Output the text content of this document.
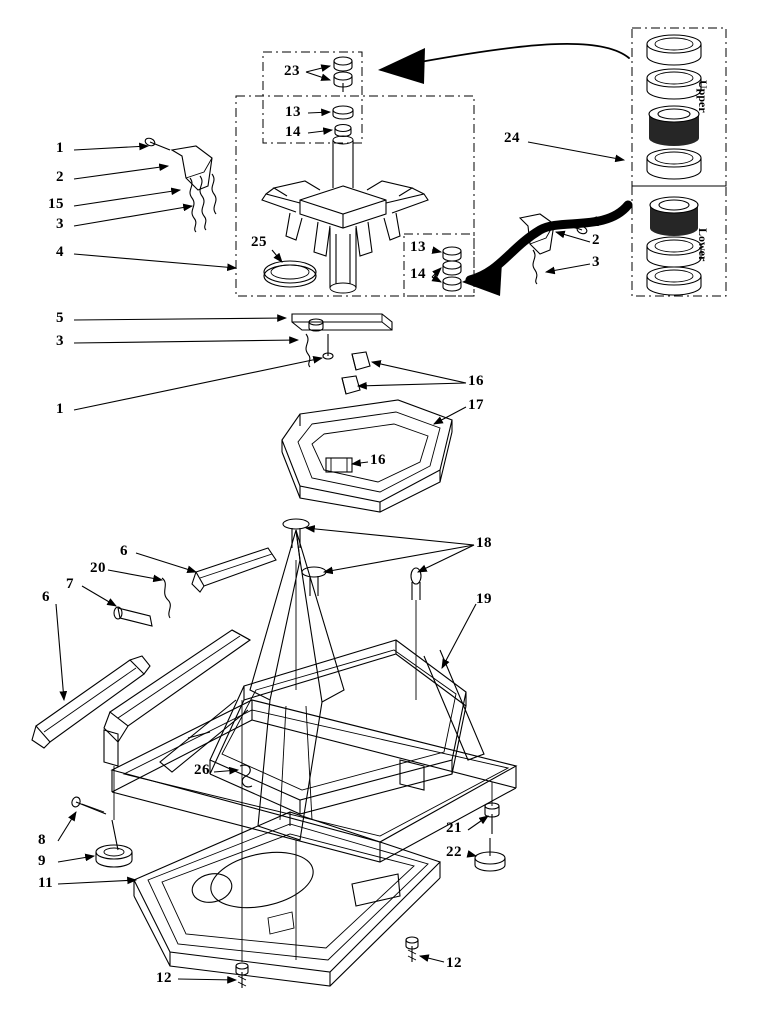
1
2
15
3
4
5
3
1
23
13
14
25	13
14
24
1
2
3
16
17
16
6
20
7
6
18
19
26
8
9
11
21
22
12
12
Upper
Lower
